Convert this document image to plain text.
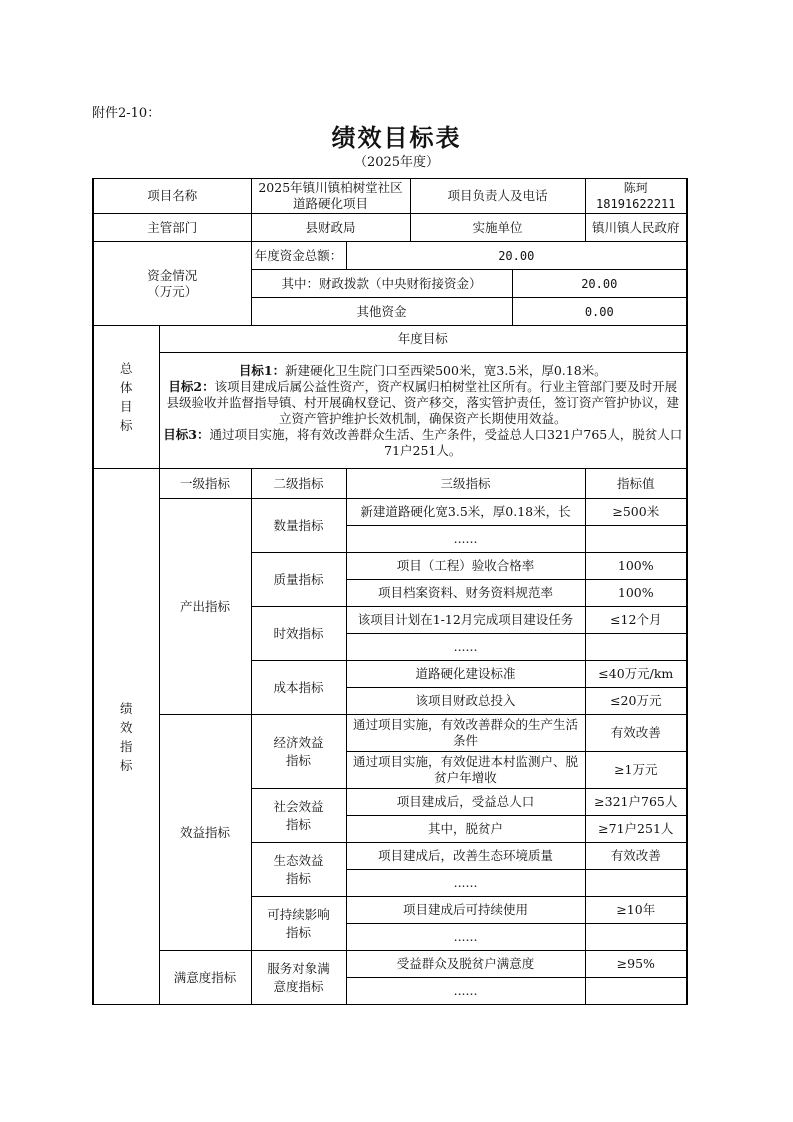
附件2-10：
绩效目标表
（2025年度）
项目名称		2025年镇川镇柏树堂社区道路硬化项目		项目负责人及电话		陈珂18191622211
主管部门		县财政局		实施单位		镇川镇人民政府
资金情况
（万元）		年度资金总额：	20.00			
		其中：财政拨款（中央财衔接资金）			20.00	
		其他资金			0.00	

总体目标	年度目标					

	目标1：新建硬化卫生院门口至西梁500米，宽3.5米，厚0.18米。
目标2：该项目建成后属公益性资产，资产权属归柏树堂社区所有。行业主管部门要及时开展县级验收并监督指导镇、村开展确权登记、资产移交，落实管护责任，签订资产管护协议，建立资产管护维护长效机制，确保资产长期使用效益。
目标3：通过项目实施，将有效改善群众生活、生产条件，受益总人口321户765人，脱贫人口71户251人。					

绩效指标	一级指标	二级指标	三级指标			指标值
	产出指标	数量指标	新建道路硬化宽3.5米，厚0.18米，长			≥500米
			......			
		质量指标	项目（工程）验收合格率			100%
			项目档案资料、财务资料规范率			100%
		时效指标	该项目计划在1-12月完成项目建设任务			≤12个月
			......			
		成本指标	道路硬化建设标准			≤40万元/km
			该项目财政总投入			≤20万元
	效益指标	经济效益指标	通过项目实施，有效改善群众的生产生活条件			有效改善
			通过项目实施，有效促进本村监测户、脱贫户年增收			≥1万元

		社会效益指标	项目建成后，受益总人口			≥321户765人
			其中，脱贫户			≥71户251人

		生态效益指标	项目建成后，改善生态环境质量			有效改善
			......			

		可持续影响指标	项目建成后可持续使用			≥10年
			......			
	满意度指标	服务对象满意度指标	受益群众及脱贫户满意度			≥95%
			......			
